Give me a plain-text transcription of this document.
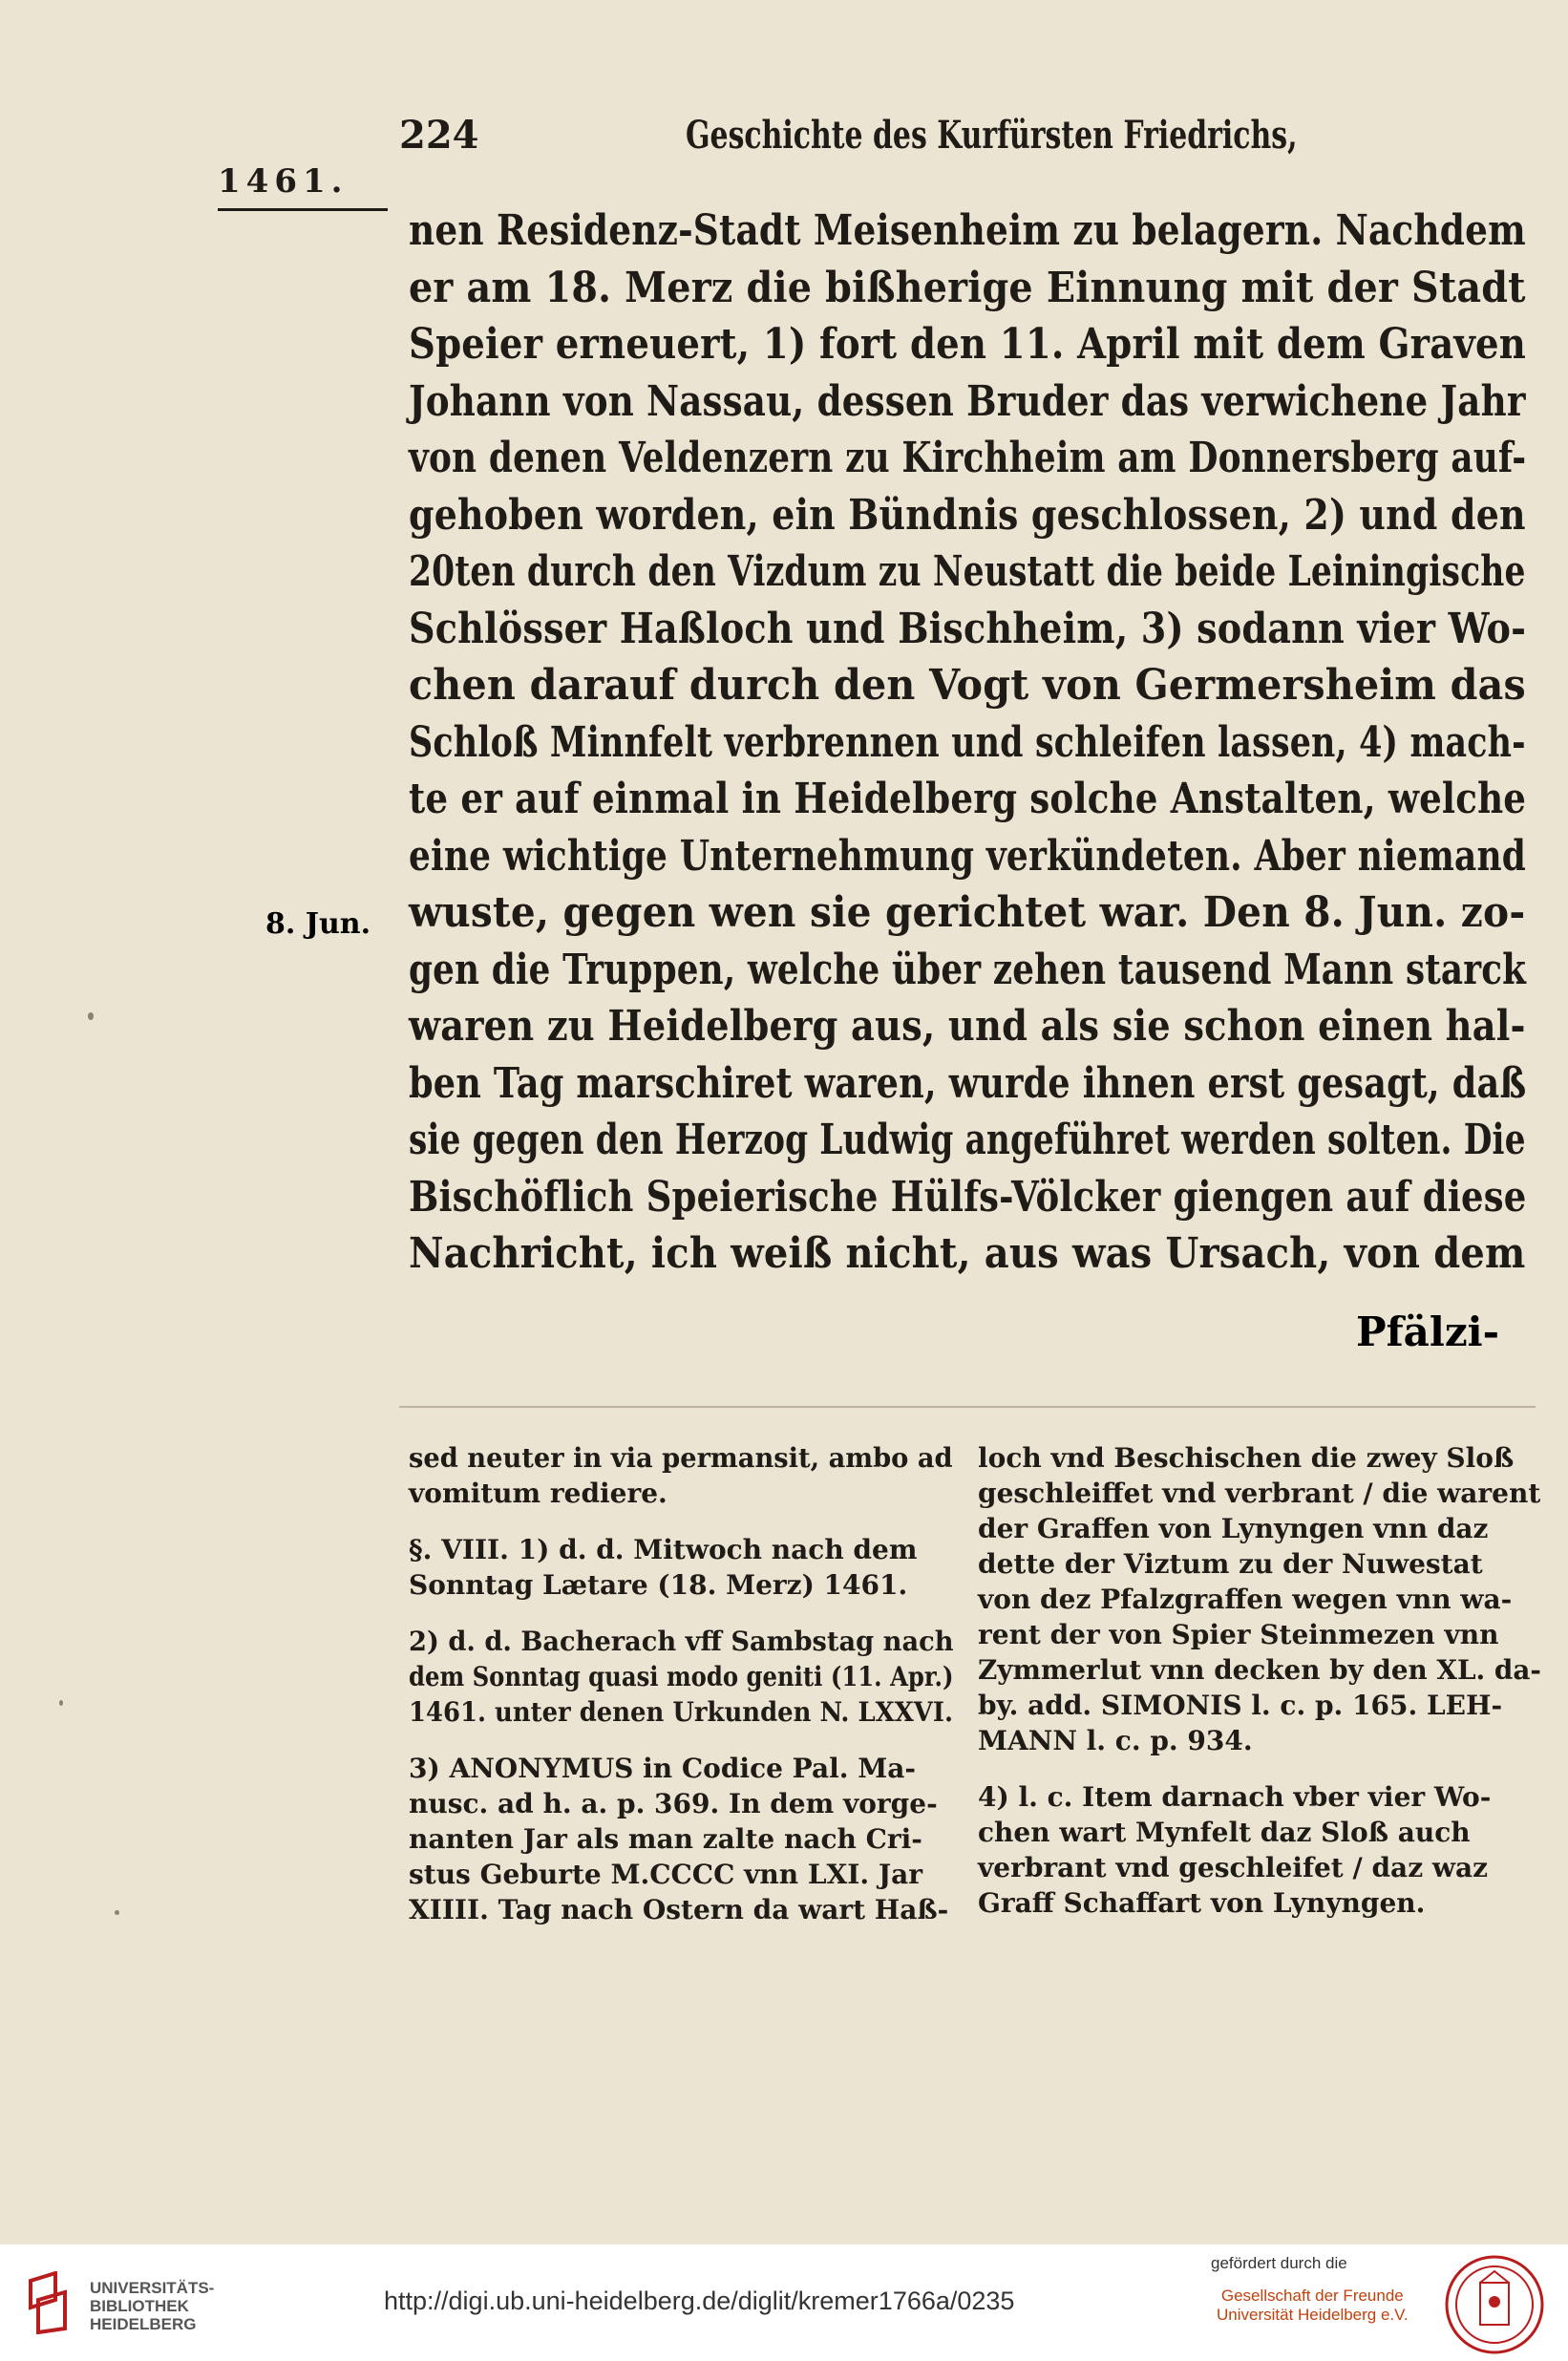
224	Geschichte des Kurfürsten Friedrichs,
1461.
nen Residenz-Stadt Meisenheim zu belagern. Nachdem
er am 18. Merz die bißherige Einnung mit der Stadt
Speier erneuert, 1) fort den 11. April mit dem Graven
Johann von Nassau, dessen Bruder das verwichene Jahr
von denen Veldenzern zu Kirchheim am Donnersberg auf-
gehoben worden, ein Bündnis geschlossen, 2) und den
20ten durch den Vizdum zu Neustatt die beide Leiningische
Schlösser Haßloch und Bischheim, 3) sodann vier Wo-
chen darauf durch den Vogt von Germersheim das
Schloß Minnfelt verbrennen und schleifen lassen, 4) mach-
te er auf einmal in Heidelberg solche Anstalten, welche
eine wichtige Unternehmung verkündeten. Aber niemand
wuste, gegen wen sie gerichtet war. Den 8. Jun. zo-
gen die Truppen, welche über zehen tausend Mann starck
waren zu Heidelberg aus, und als sie schon einen hal-
ben Tag marschiret waren, wurde ihnen erst gesagt, daß
sie gegen den Herzog Ludwig angeführet werden solten. Die
Bischöflich Speierische Hülfs-Völcker giengen auf diese
Nachricht, ich weiß nicht, aus was Ursach, von dem
8. Jun.
Pfälzi-
sed neuter in via permansit, ambo ad
vomitum rediere.
§. VIII. 1) d. d. Mitwoch nach dem
Sonntag Lætare (18. Merz) 1461.
2) d. d. Bacherach vff Sambstag nach
dem Sonntag quasi modo geniti (11. Apr.)
1461. unter denen Urkunden N. LXXVI.
3) ANONYMUS in Codice Pal. Ma-
nusc. ad h. a. p. 369. In dem vorge-
nanten Jar als man zalte nach Cri-
stus Geburte M.CCCC vnn LXI. Jar
XIIII. Tag nach Ostern da wart Haß-
loch vnd Beschischen die zwey Sloß
geschleiffet vnd verbrant / die warent
der Graffen von Lynyngen vnn daz
dette der Viztum zu der Nuwestat
von dez Pfalzgraffen wegen vnn wa-
rent der von Spier Steinmezen vnn
Zymmerlut vnn decken by den XL. da-
by. add. SIMONIS l. c. p. 165. LEH-
MANN l. c. p. 934.
4) l. c. Item darnach vber vier Wo-
chen wart Mynfelt daz Sloß auch
verbrant vnd geschleifet / daz waz
Graff Schaffart von Lynyngen.
UNIVERSITÄTS-
BIBLIOTHEK
HEIDELBERG
http://digi.ub.uni-heidelberg.de/diglit/kremer1766a/0235
gefördert durch die
Gesellschaft der Freunde
Universität Heidelberg e.V.
